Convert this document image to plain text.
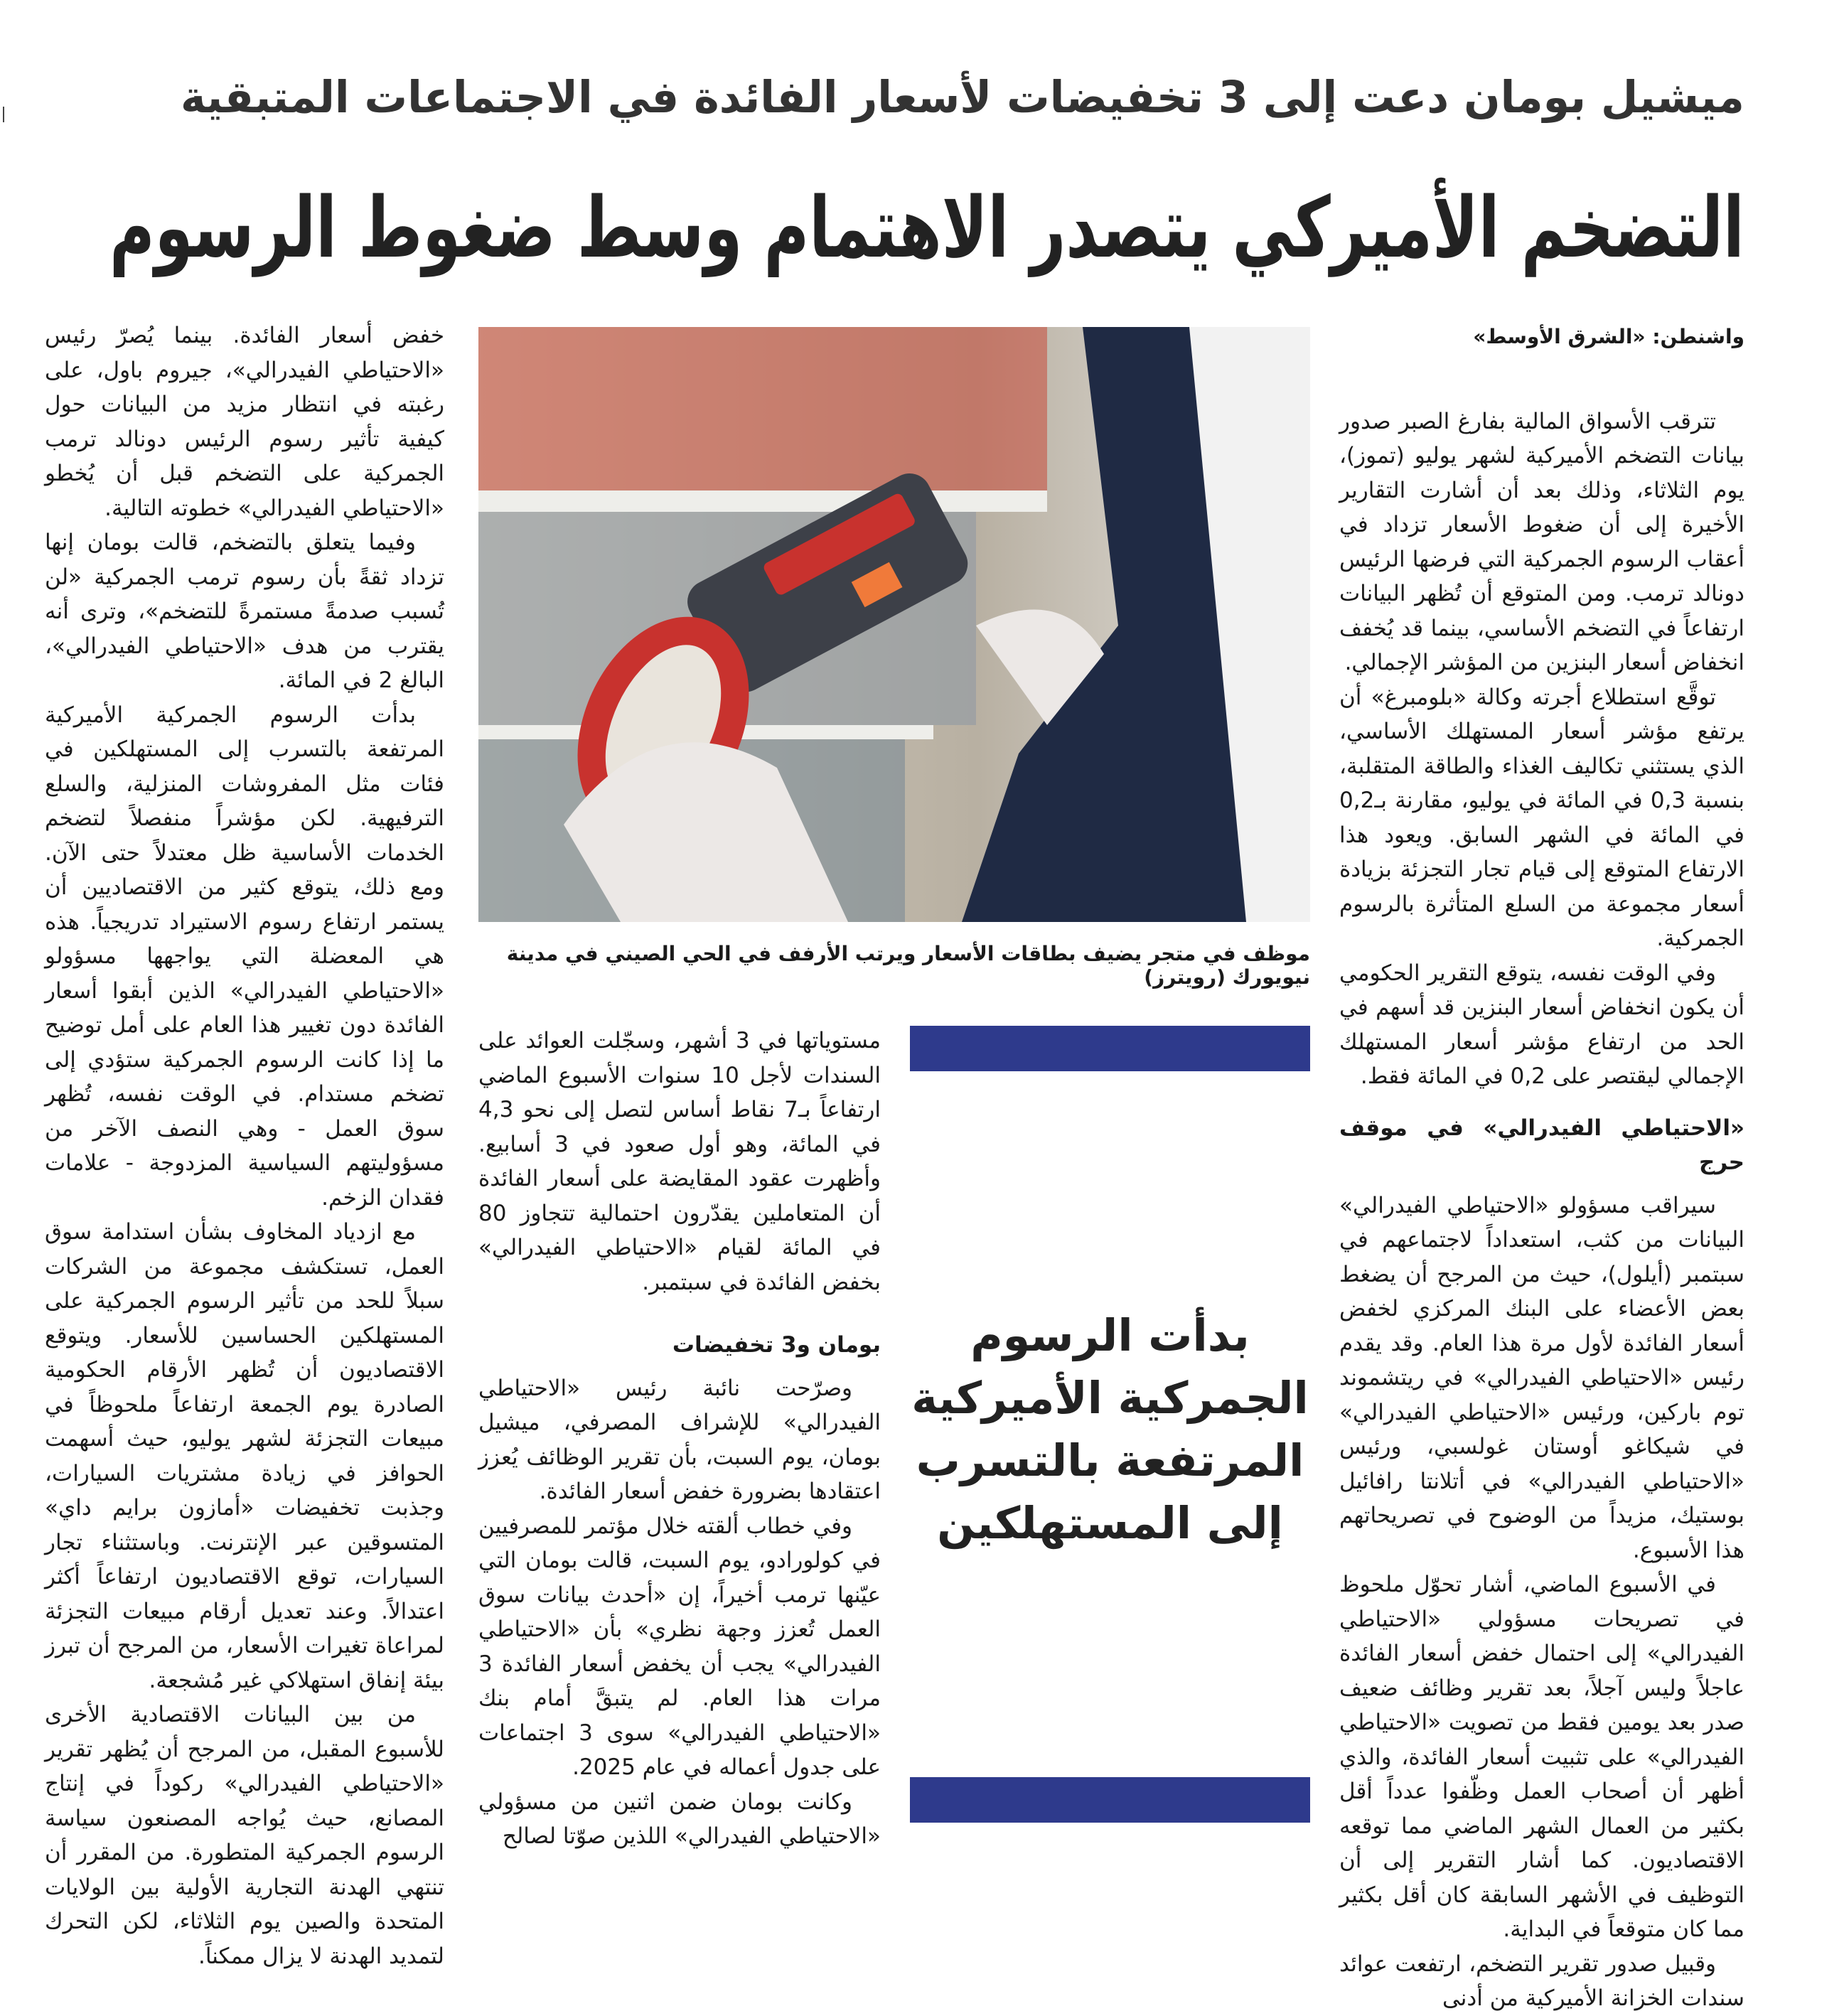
ميشيل بومان دعت إلى 3 تخفيضات لأسعار الفائدة في الاجتماعات المتبقية
التضخم الأميركي يتصدر الاهتمام وسط ضغوط الرسوم

واشنطن: «الشرق الأوسط»

تترقب الأسواق المالية بفارغ الصبر صدور بيانات التضخم الأميركية لشهر يوليو (تموز)، يوم الثلاثاء، وذلك بعد أن أشارت التقارير الأخيرة إلى أن ضغوط الأسعار تزداد في أعقاب الرسوم الجمركية التي فرضها الرئيس دونالد ترمب. ومن المتوقع أن تُظهر البيانات ارتفاعاً في التضخم الأساسي، بينما قد يُخفف انخفاض أسعار البنزين من المؤشر الإجمالي.

توقَّع استطلاع أجرته وكالة «بلومبرغ» أن يرتفع مؤشر أسعار المستهلك الأساسي، الذي يستثني تكاليف الغذاء والطاقة المتقلبة، بنسبة 0,3 في المائة في يوليو، مقارنة بـ0,2 في المائة في الشهر السابق. ويعود هذا الارتفاع المتوقع إلى قيام تجار التجزئة بزيادة أسعار مجموعة من السلع المتأثرة بالرسوم الجمركية.

وفي الوقت نفسه، يتوقع التقرير الحكومي أن يكون انخفاض أسعار البنزين قد أسهم في الحد من ارتفاع مؤشر أسعار المستهلك الإجمالي ليقتصر على 0,2 في المائة فقط.

«الاحتياطي الفيدرالي» في موقف حرج

سيراقب مسؤولو «الاحتياطي الفيدرالي» البيانات من كثب، استعداداً لاجتماعهم في سبتمبر (أيلول)، حيث من المرجح أن يضغط بعض الأعضاء على البنك المركزي لخفض أسعار الفائدة لأول مرة هذا العام. وقد يقدم رئيس «الاحتياطي الفيدرالي» في ريتشموند توم باركين، ورئيس «الاحتياطي الفيدرالي» في شيكاغو أوستان غولسبي، ورئيس «الاحتياطي الفيدرالي» في أتلانتا رافائيل بوستيك، مزيداً من الوضوح في تصريحاتهم هذا الأسبوع.

في الأسبوع الماضي، أشار تحوّل ملحوظ في تصريحات مسؤولي «الاحتياطي الفيدرالي» إلى احتمال خفض أسعار الفائدة عاجلاً وليس آجلاً، بعد تقرير وظائف ضعيف صدر بعد يومين فقط من تصويت «الاحتياطي الفيدرالي» على تثبيت أسعار الفائدة، والذي أظهر أن أصحاب العمل وظّفوا عدداً أقل بكثير من العمال الشهر الماضي مما توقعه الاقتصاديون. كما أشار التقرير إلى أن التوظيف في الأشهر السابقة كان أقل بكثير مما كان متوقعاً في البداية.

وقبيل صدور تقرير التضخم، ارتفعت عوائد سندات الخزانة الأميركية من أدنى

موظف في متجر يضيف بطاقات الأسعار ويرتب الأرفف في الحي الصيني في مدينة نيويورك (رويترز)

مستوياتها في 3 أشهر، وسجّلت العوائد على السندات لأجل 10 سنوات الأسبوع الماضي ارتفاعاً بـ7 نقاط أساس لتصل إلى نحو 4,3 في المائة، وهو أول صعود في 3 أسابيع. وأظهرت عقود المقايضة على أسعار الفائدة أن المتعاملين يقدّرون احتمالية تتجاوز 80 في المائة لقيام «الاحتياطي الفيدرالي» بخفض الفائدة في سبتمبر.

بومان و3 تخفيضات

وصرّحت نائبة رئيس «الاحتياطي الفيدرالي» للإشراف المصرفي، ميشيل بومان، يوم السبت، بأن تقرير الوظائف يُعزز اعتقادها بضرورة خفض أسعار الفائدة.

وفي خطاب ألقته خلال مؤتمر للمصرفيين في كولورادو، يوم السبت، قالت بومان التي عيّنها ترمب أخيراً، إن «أحدث بيانات سوق العمل تُعزز وجهة نظري» بأن «الاحتياطي الفيدرالي» يجب أن يخفض أسعار الفائدة 3 مرات هذا العام. لم يتبقَّ أمام بنك «الاحتياطي الفيدرالي» سوى 3 اجتماعات على جدول أعماله في عام 2025.

وكانت بومان ضمن اثنين من مسؤولي «الاحتياطي الفيدرالي» اللذين صوّتا لصالح

بدأت الرسوم الجمركية الأميركية المرتفعة بالتسرب إلى المستهلكين

خفض أسعار الفائدة. بينما يُصرّ رئيس «الاحتياطي الفيدرالي»، جيروم باول، على رغبته في انتظار مزيد من البيانات حول كيفية تأثير رسوم الرئيس دونالد ترمب الجمركية على التضخم قبل أن يُخطو «الاحتياطي الفيدرالي» خطوته التالية.

وفيما يتعلق بالتضخم، قالت بومان إنها تزداد ثقةً بأن رسوم ترمب الجمركية «لن تُسبب صدمةً مستمرةً للتضخم»، وترى أنه يقترب من هدف «الاحتياطي الفيدرالي»، البالغ 2 في المائة.

بدأت الرسوم الجمركية الأميركية المرتفعة بالتسرب إلى المستهلكين في فئات مثل المفروشات المنزلية، والسلع الترفيهية. لكن مؤشراً منفصلاً لتضخم الخدمات الأساسية ظل معتدلاً حتى الآن. ومع ذلك، يتوقع كثير من الاقتصاديين أن يستمر ارتفاع رسوم الاستيراد تدريجياً. هذه هي المعضلة التي يواجهها مسؤولو «الاحتياطي الفيدرالي» الذين أبقوا أسعار الفائدة دون تغيير هذا العام على أمل توضيح ما إذا كانت الرسوم الجمركية ستؤدي إلى تضخم مستدام. في الوقت نفسه، تُظهر سوق العمل - وهي النصف الآخر من مسؤوليتهم السياسية المزدوجة - علامات فقدان الزخم.

مع ازدياد المخاوف بشأن استدامة سوق العمل، تستكشف مجموعة من الشركات سبلاً للحد من تأثير الرسوم الجمركية على المستهلكين الحساسين للأسعار. ويتوقع الاقتصاديون أن تُظهر الأرقام الحكومية الصادرة يوم الجمعة ارتفاعاً ملحوظاً في مبيعات التجزئة لشهر يوليو، حيث أسهمت الحوافز في زيادة مشتريات السيارات، وجذبت تخفيضات «أمازون برايم داي» المتسوقين عبر الإنترنت. وباستثناء تجار السيارات، توقع الاقتصاديون ارتفاعاً أكثر اعتدالاً. وعند تعديل أرقام مبيعات التجزئة لمراعاة تغيرات الأسعار، من المرجح أن تبرز بيئة إنفاق استهلاكي غير مُشجعة.

من بين البيانات الاقتصادية الأخرى للأسبوع المقبل، من المرجح أن يُظهر تقرير «الاحتياطي الفيدرالي» ركوداً في إنتاج المصانع، حيث يُواجه المصنعون سياسة الرسوم الجمركية المتطورة. من المقرر أن تنتهي الهدنة التجارية الأولية بين الولايات المتحدة والصين يوم الثلاثاء، لكن التحرك لتمديد الهدنة لا يزال ممكناً.
